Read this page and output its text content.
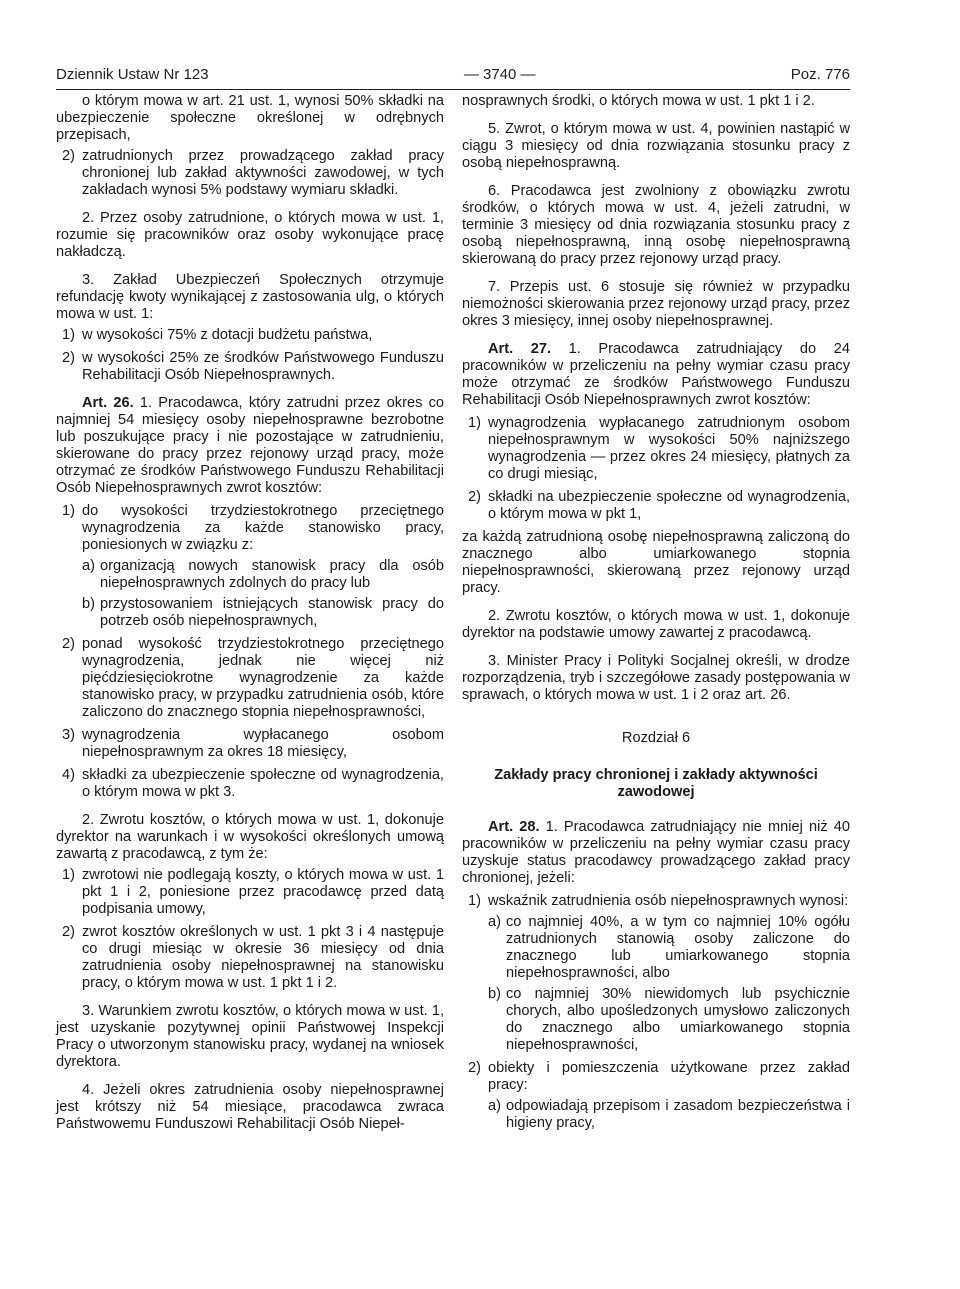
Dziennik Ustaw Nr 123	— 3740 —	Poz. 776

o którym mowa w art. 21 ust. 1, wynosi 50% składki na ubezpieczenie społeczne określonej w odrębnych przepisach,

2) zatrudnionych przez prowadzącego zakład pracy chronionej lub zakład aktywności zawodowej, w tych zakładach wynosi 5% podstawy wymiaru składki.

2. Przez osoby zatrudnione, o których mowa w ust. 1, rozumie się pracowników oraz osoby wykonujące pracę nakładczą.

3. Zakład Ubezpieczeń Społecznych otrzymuje refundację kwoty wynikającej z zastosowania ulg, o których mowa w ust. 1:

1) w wysokości 75% z dotacji budżetu państwa,
2) w wysokości 25% ze środków Państwowego Funduszu Rehabilitacji Osób Niepełnosprawnych.

Art. 26. 1. Pracodawca, który zatrudni przez okres co najmniej 54 miesięcy osoby niepełnosprawne bezrobotne lub poszukujące pracy i nie pozostające w zatrudnieniu, skierowane do pracy przez rejonowy urząd pracy, może otrzymać ze środków Państwowego Funduszu Rehabilitacji Osób Niepełnosprawnych zwrot kosztów:

1) do wysokości trzydziestokrotnego przeciętnego wynagrodzenia za każde stanowisko pracy, poniesionych w związku z:
a) organizacją nowych stanowisk pracy dla osób niepełnosprawnych zdolnych do pracy lub
b) przystosowaniem istniejących stanowisk pracy do potrzeb osób niepełnosprawnych,
2) ponad wysokość trzydziestokrotnego przeciętnego wynagrodzenia, jednak nie więcej niż pięćdziesięciokrotne wynagrodzenie za każde stanowisko pracy, w przypadku zatrudnienia osób, które zaliczono do znacznego stopnia niepełnosprawności,
3) wynagrodzenia wypłacanego osobom niepełnosprawnym za okres 18 miesięcy,
4) składki za ubezpieczenie społeczne od wynagrodzenia, o którym mowa w pkt 3.

2. Zwrotu kosztów, o których mowa w ust. 1, dokonuje dyrektor na warunkach i w wysokości określonych umową zawartą z pracodawcą, z tym że:

1) zwrotowi nie podlegają koszty, o których mowa w ust. 1 pkt 1 i 2, poniesione przez pracodawcę przed datą podpisania umowy,
2) zwrot kosztów określonych w ust. 1 pkt 3 i 4 następuje co drugi miesiąc w okresie 36 miesięcy od dnia zatrudnienia osoby niepełnosprawnej na stanowisku pracy, o którym mowa w ust. 1 pkt 1 i 2.

3. Warunkiem zwrotu kosztów, o których mowa w ust. 1, jest uzyskanie pozytywnej opinii Państwowej Inspekcji Pracy o utworzonym stanowisku pracy, wydanej na wniosek dyrektora.

4. Jeżeli okres zatrudnienia osoby niepełnosprawnej jest krótszy niż 54 miesiące, pracodawca zwraca Państwowemu Funduszowi Rehabilitacji Osób Niepeł-

nosprawnych środki, o których mowa w ust. 1 pkt 1 i 2.

5. Zwrot, o którym mowa w ust. 4, powinien nastąpić w ciągu 3 miesięcy od dnia rozwiązania stosunku pracy z osobą niepełnosprawną.

6. Pracodawca jest zwolniony z obowiązku zwrotu środków, o których mowa w ust. 4, jeżeli zatrudni, w terminie 3 miesięcy od dnia rozwiązania stosunku pracy z osobą niepełnosprawną, inną osobę niepełnosprawną skierowaną do pracy przez rejonowy urząd pracy.

7. Przepis ust. 6 stosuje się również w przypadku niemożności skierowania przez rejonowy urząd pracy, przez okres 3 miesięcy, innej osoby niepełnosprawnej.

Art. 27. 1. Pracodawca zatrudniający do 24 pracowników w przeliczeniu na pełny wymiar czasu pracy może otrzymać ze środków Państwowego Funduszu Rehabilitacji Osób Niepełnosprawnych zwrot kosztów:

1) wynagrodzenia wypłacanego zatrudnionym osobom niepełnosprawnym w wysokości 50% najniższego wynagrodzenia — przez okres 24 miesięcy, płatnych za co drugi miesiąc,
2) składki na ubezpieczenie społeczne od wynagrodzenia, o którym mowa w pkt 1,

za każdą zatrudnioną osobę niepełnosprawną zaliczoną do znacznego albo umiarkowanego stopnia niepełnosprawności, skierowaną przez rejonowy urząd pracy.

2. Zwrotu kosztów, o których mowa w ust. 1, dokonuje dyrektor na podstawie umowy zawartej z pracodawcą.

3. Minister Pracy i Polityki Socjalnej określi, w drodze rozporządzenia, tryb i szczegółowe zasady postępowania w sprawach, o których mowa w ust. 1 i 2 oraz art. 26.

Rozdział 6

Zakłady pracy chronionej i zakłady aktywności zawodowej

Art. 28. 1. Pracodawca zatrudniający nie mniej niż 40 pracowników w przeliczeniu na pełny wymiar czasu pracy uzyskuje status pracodawcy prowadzącego zakład pracy chronionej, jeżeli:

1) wskaźnik zatrudnienia osób niepełnosprawnych wynosi:
a) co najmniej 40%, a w tym co najmniej 10% ogółu zatrudnionych stanowią osoby zaliczone do znacznego lub umiarkowanego stopnia niepełnosprawności, albo
b) co najmniej 30% niewidomych lub psychicznie chorych, albo upośledzonych umysłowo zaliczonych do znacznego albo umiarkowanego stopnia niepełnosprawności,
2) obiekty i pomieszczenia użytkowane przez zakład pracy:
a) odpowiadają przepisom i zasadom bezpieczeństwa i higieny pracy,
